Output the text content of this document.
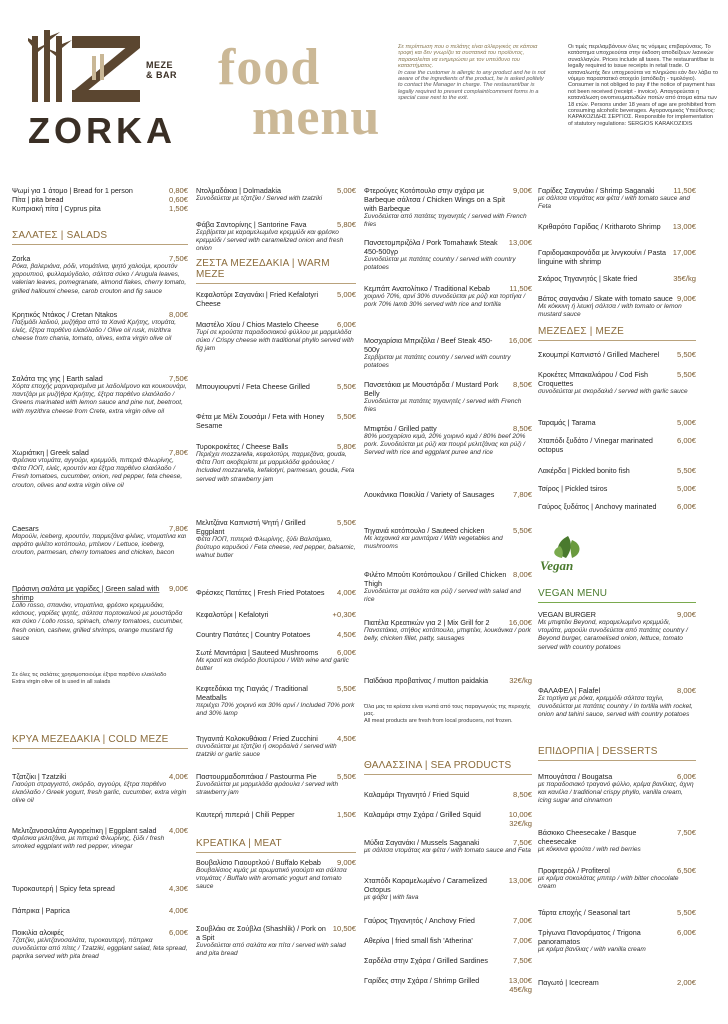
MEZE
& BAR
ZORKA
food
menu
Σε περίπτωση που ο πελάτης είναι αλλεργικός σε κάποια τροφή και δεν γνωρίζει τα συστατικά του προϊόντος, παρακαλείται να ενημερώσει με τον υπεύθυνο του καταστήματος.
In case the customer is allergic to any product and he is not aware of the ingredients of the product, he is asked politely to contact the Manager in charge. The restaurant/bar is legally required to present complaint/comment forms in a special case next to the exit.
Οι τιμές περιλαμβάνουν όλες τις νόμιμες επιβαρύνσεις. Το κατάστημα υποχρεούται στην έκδοση αποδείξεων λιανικών συναλλαγών. Prices include all taxes. The restaurant/bar is legally required to issue receipts in retail trade. Ο καταναλωτής δεν υποχρεούται να πληρώσει εάν δεν λάβει το νόμιμο παραστατικό στοιχείο (απόδειξη - τιμολόγιο). Consumer is not obliged to pay if the notice of payment has not been received (receipt - invoice). Απαγορεύεται η κατανάλωση οινοπνευματωδών ποτών από άτομα κάτω των 18 ετών. Persons under 18 years of age are prohibited from consuming alcoholic beverages. Αγορανομικός Υπεύθυνος: ΚΑΡΑΚΟΖΙΔΗΣ ΣΕΡΓΙΟΣ. Responsible for implementation of statutory regulations: SERGIOS KARAKOZIDIS
Ψωμί για 1 άτομο | Bread for 1 person	0,80€
Πίτα | pita bread	0,60€
Κυπριακή πίτα | Cyprus pita	1,50€
ΣΑΛΑΤΕΣ | SALADS
Zorka	7,50€
Ρόκα, βαλεριάνα, ρόδι, ντομάτίνια, ψητό χαλούμι, κρουτόν χαρουπιού, φυλλαμύγδαλο, σάλτσα σύκο / Arugula leaves, valerian leaves, pomegranate, almond flakes, cherry tomato, grilled halloumi cheese, carob crouton and fig sauce
Κρητικός Ντάκος / Cretan Ntakos	8,00€
Παξιμάδι λαδιού, μυζήθρα από τα Χανιά Κρήτης, ντομάτα, ελιές, έξτρα παρθένο ελαιόλαδο / Olive oil rusk, mizithra cheese from chania, tomato, olives, extra virgin olive oil
Σαλάτα της γης | Earth salad	7,50€
Χόρτα εποχής μαριναρισμένα με λαδολέμονο και κουκουνάρι, παντζάρι με μυζήθρα Κρήτης, έξτρα παρθένο ελαιόλαδο / Greens marinated with lemon sauce and pine nut, beetroot, with myzithra cheese from Crete, extra virgin olive oil
Χωριάτικη | Greek salad	7,80€
Φρέσκια ντομάτα, αγγούρι, κρεμμύδι, πιπεριά Φλωρίνης, Φέτα ΠΟΠ, ελιές, κρουτόν και έξτρα παρθένο ελαιόλαδο / Fresh tomatoes, cucumber, onion, red pepper, feta cheese, crouton, olives and extra virgin olive oil
Caesars	7,80€
Μαρούλι, iceberg, κρουτόν, παρμεζάνα φλέικς, ντοματίνια και αφράτο φιλέτο κοτόπουλο, μπέικον / Lettuce, iceberg, crouton, parmesan, cherry tomatoes and chicken, bacon
Πράσινη σαλάτα με γαρίδες | Green salad with shrimp
9,00€
Lollo rosso, σπανάκι, ντοματίνια, φρέσκο κρεμμυδάκι, κάσιους, γαρίδες ψητές, σάλτσα πορτοκαλιού με μουστάρδα και σύκο / Lollo rosso, spinach, cherry tomatoes, cucumber, fresh onion, cashew, grilled shrimps, orange mustard fig sauce
Σε όλες τις σαλάτες χρησιμοποιούμε έξτρα παρθένο ελαιόλαδο
Extra virgin olive oil is used in all salads
ΚΡΥΑ ΜΕΖΕΔΑΚΙΑ | COLD MEZE
Τζατζίκι | Tzatziki	4,00€
Γιαούρτι στραγγιστό, σκόρδο, αγγούρι, έξτρα παρθένο ελαιόλαδο / Greek yogurt, fresh garlic, cucumber, extra virgin olive oil
Μελιτζανοσαλάτα Αγιορείτικη | Eggplant salad	4,00€
Φρέσκια μελιτζάνα, με πιπεριά Φλωρίνης, ξύδι / fresh smoked eggplant with red pepper, vinegar
Τυροκαυτερή | Spicy feta spread	4,30€
Πάπρικα | Paprica	4,00€
Ποικιλία αλοιφές	6,00€
Τζατζίκι, μελιτζανοσαλάτα, τυροκαυτερή, πάπρικα συνοδεύεται από πίτες / Tzatziki, eggplant salad, feta spread, paprika served with pita bread
Ντολμαδάκια | Dolmadakia	5,00€
Συνοδεύεται με τζατζίκι / Served with tzatziki
Φάβα Σαντορίνης | Santorine Fava	5,80€
Σερβίρεται με καραμελωμένα κρεμμύδι και φρέσκο κρεμμύδι / served with caramelized onion and fresh onion
ΖΕΣΤΑ ΜΕΖΕΔΑΚΙΑ | WARM MEZE
Κεφαλοτύρι Σαγανάκι | Fried Kefalotyri Cheese
5,00€
Μαστέλο Χίου / Chios Mastelo Cheese	6,00€
Τυρί σε κρούστα παραδοσιακού φύλλου με μαρμελάδα σύκο / Crispy cheese with traditional phyllo served with fig jam
Μπουγιουρντί / Feta Cheese Grilled	5,50€
Φέτα με Μέλι Σουσάμι / Feta with Honey Sesame
5,50€
Τυροκροκέτες / Cheese Balls	5,80€
Περιέχει mozzarella, κεφαλοτύρι, παρμεζάνα, gouda, Φέτα Ποπ ακοβερίστε με μαρμελάδα φράουλας / Included mozzarella, kefalotyri, parmesan, gouda, Feta served with strawberry jam
Μελιτζάνα Καπνιστή Ψητή / Grilled Eggplant
5,50€
Φέτα ΠΟΠ, πιπεριά Φλωρίνης, ξύδι Βαλσάμικο, βούτυρο καρυδιού / Feta cheese, red pepper, balsamic, walnut butter
Φρέσκες Πατάτες | Fresh Fried Potatoes	4,00€
Κεφαλοτύρι | Kefalotyri	+0,30€
Country Πατάτες | Country Potatoes	4,50€
Σωτέ Μανιτάρια | Sauteed Mushrooms	6,00€
Με κρασί και σκόρδο βουτύρου / With wine and garlic butter
Κεφτεδάκια της Γιαγιάς / Traditional Meatballs
5,50€
περιέχει 70% χοιρινό και 30% αρνί / Included 70% pork and 30% lamp
Τηγανιτά Κολοκυθάκια / Fried Zucchini	4,50€
συνοδεύεται με τζατζίκι ή σκορδαλιά / served with tzatziki or garlic sauce
Παστουρμαδοπιτάκια / Pastourma Pie	5,50€
Συνοδεύεται με μαρμελάδα φράουλα / served with strawberry jam
Καυτερή πιπεριά | Chili Pepper	1,50€
ΚΡΕΑΤΙΚΑ | MEAT
Βουβαλίσιο Γιαουρτλού / Buffalo Kebab	9,00€
Βουβαλίσιος κιμάς με αρωματικό γιαούρτι και σάλτσα ντομάτας / Buffalo with aromatic yogurt and tomato sauce
Σουβλάκι σε Σούβλα (Shashlik) / Pork on a Spit
10,50€
Συνοδεύεται από σαλάτα και πίτα / served with salad and pita bread
Φτερούγες Κοτόπουλο στην σχάρα με Barbeque σάλτσα / Chicken Wings on a Spit with Barbeque
9,00€
Συνοδεύεται από πατάτες τηγανητές / served with French fries
Πανσετομπριζόλα / Pork Tomahawk Steak 450-500γρ
13,00€
Συνοδεύεται με πατάτες country / served with country potatoes
Κεμπάπ Ανατολίτικο / Traditional Kebab	11,50€
χοιρινό 70%, αρνί 30% συνοδεύεται με ρύζι και τορτίγια / pork 70% lamb 30% served with rice and tortilla
Μοσχαρίσια Μπριζόλα / Beef Steak 450-500γ
16,00€
Σερβίρεται με πατάτες country / served with country potatoes
Πανσετάκια με Μουστάρδα / Mustard Pork Belly
8,50€
Συνοδεύεται με πατάτες τηγανητές / served with French fries
Μπιφτέκι / Grilled patty	8,50€
80% μοσχαρίσιο κιμά, 20% χοιρινό κιμά / 80% beef 20% pork. Συνοδεύεται με ρύζι και πουρέ μελιτζάνας και ρύζι / Served with rice and eggplant puree and rice
Λουκάνικα Ποικιλία / Variety of Sausages	7,80€
Τηγανιά κοτόπουλο / Sauteed chicken	5,50€
Με λαχανικά και μανιτάρια / With vegetables and mushrooms
Φιλέτο Μπούτι Κοτόπουλου / Grilled Chicken Thigh
8,00€
Συνοδεύεται με σαλάτα και ρύζι / served with salad and rice
Πιατέλα Κρεατικών για 2 | Mix Grill for 2	16,00€
Πανσετάκια, στήθος κοτόπουλο, μπιφτέκι, λουκάνικα / pork belly, chicken fillet, patty, sausages
Παϊδάκια προβατίνας / mutton paidakia	32€/kg
Όλα μας τα κρέατα είναι νωπά από τους παραγωγούς της περιοχής μας.
All meat products are fresh from local producers, not frozen.
ΘΑΛΑΣΣΙΝΑ | SEA PRODUCTS
Καλαμάρι Τηγανητό / Fried Squid	8,50€
Καλαμάρι στην Σχάρα / Grilled Squid	10,00€ 32€/kg
Μύδια Σαγανάκι / Mussels Saganaki	7,50€
με σάλτσα ντομάτας και φέτα / with tomato sauce and Feta
Χταπόδι Καραμελωμένο / Caramelized Octopus
13,00€
με φάβα | with fava
Γαύρος Τηγανητός / Anchovy Fried	7,00€
Αθερίνα | fried small fish 'Atherina'	7,00€
Σαρδέλα στην Σχάρα / Grilled Sardines	7,50€
Γαρίδες στην Σχάρα / Shrimp Grilled	13,00€ 45€/kg
Γαρίδες Σαγανάκι / Shrimp Saganaki	11,50€
με σάλτσα ντομάτας και φέτα / with tomato sauce and Feta
Κριθαρότο Γαρίδας / Kritharoto Shrimp	13,00€
Γαριδομακαρονάδα με λινγκουίνι / Pasta linguine with shrimp
17,00€
Σκάρος Τηγανητός | Skate fried	35€/kg
Βάτος σαγανάκι / Skate with tomato sauce 9,00€
Με κόκκινη ή λευκή σάλτσα / with tomato or lemon mustard sauce
ΜΕΖΕΔΕΣ | ΜΕΖΕ
Σκουμπρί Καπνιστό / Grilled Macherel	5,50€
Κροκέτες Μπακαλιάρου / Cod Fish Croquettes
5,50€
συνοδεύεται με σκορδαλιά / served with garlic sauce
Ταραμάς | Tarama	5,00€
Χταπόδι ξυδάτο / Vinegar marinated octopus
6,00€
Λακέρδα | Pickled bonito fish	5,50€
Τσίρος | Pickled tsiros	5,00€
Γαύρος ξυδάτος | Anchovy marinated	6,00€
Vegan
VEGAN MENU
VEGAN BURGER	9,00€
Με μπιφτέκι Beyond, καραμελωμένο κρεμμύδι, ντομάτα, μαρούλι συνοδεύεται από πατάτες country / Beyond burger, caramelised onion, lettuce, tomato served with country potatoes
ΦΑΛΑΦΕΛ | Falafel	8,00€
Σε τορτίγια με ρόκα, κρεμμύδι σάλτσα ταχίνι, συνοδεύεται με πατάτες country / In tortilla with rocket, onion and tahini sauce, served with country potatoes
ΕΠΙΔΟΡΠΙΑ | DESSERTS
Μπουγάτσα / Bougatsa	6,00€
με παραδοσιακό τραγανό φύλλο, κρέμα βανίλιας, άχνη και κανέλα / traditional crispy phyllo, vanilla cream, icing sugar and cinnamon
Βάσκικο Cheesecake / Basque cheesecake
7,50€
με κόκκινα φρούτα / with red berries
Προφιτερόλ / Profiterol	6,50€
με κρέμα σοκολάτας μπιτερ / with bitter chocolate cream
Τάρτα εποχής / Seasonal tart	5,50€
Τρίγωνα Πανοράματος / Trigona panoramatos
6,00€
με κρέμα βανίλιας / with vanilla cream
Παγωτό | Icecream	2,00€
